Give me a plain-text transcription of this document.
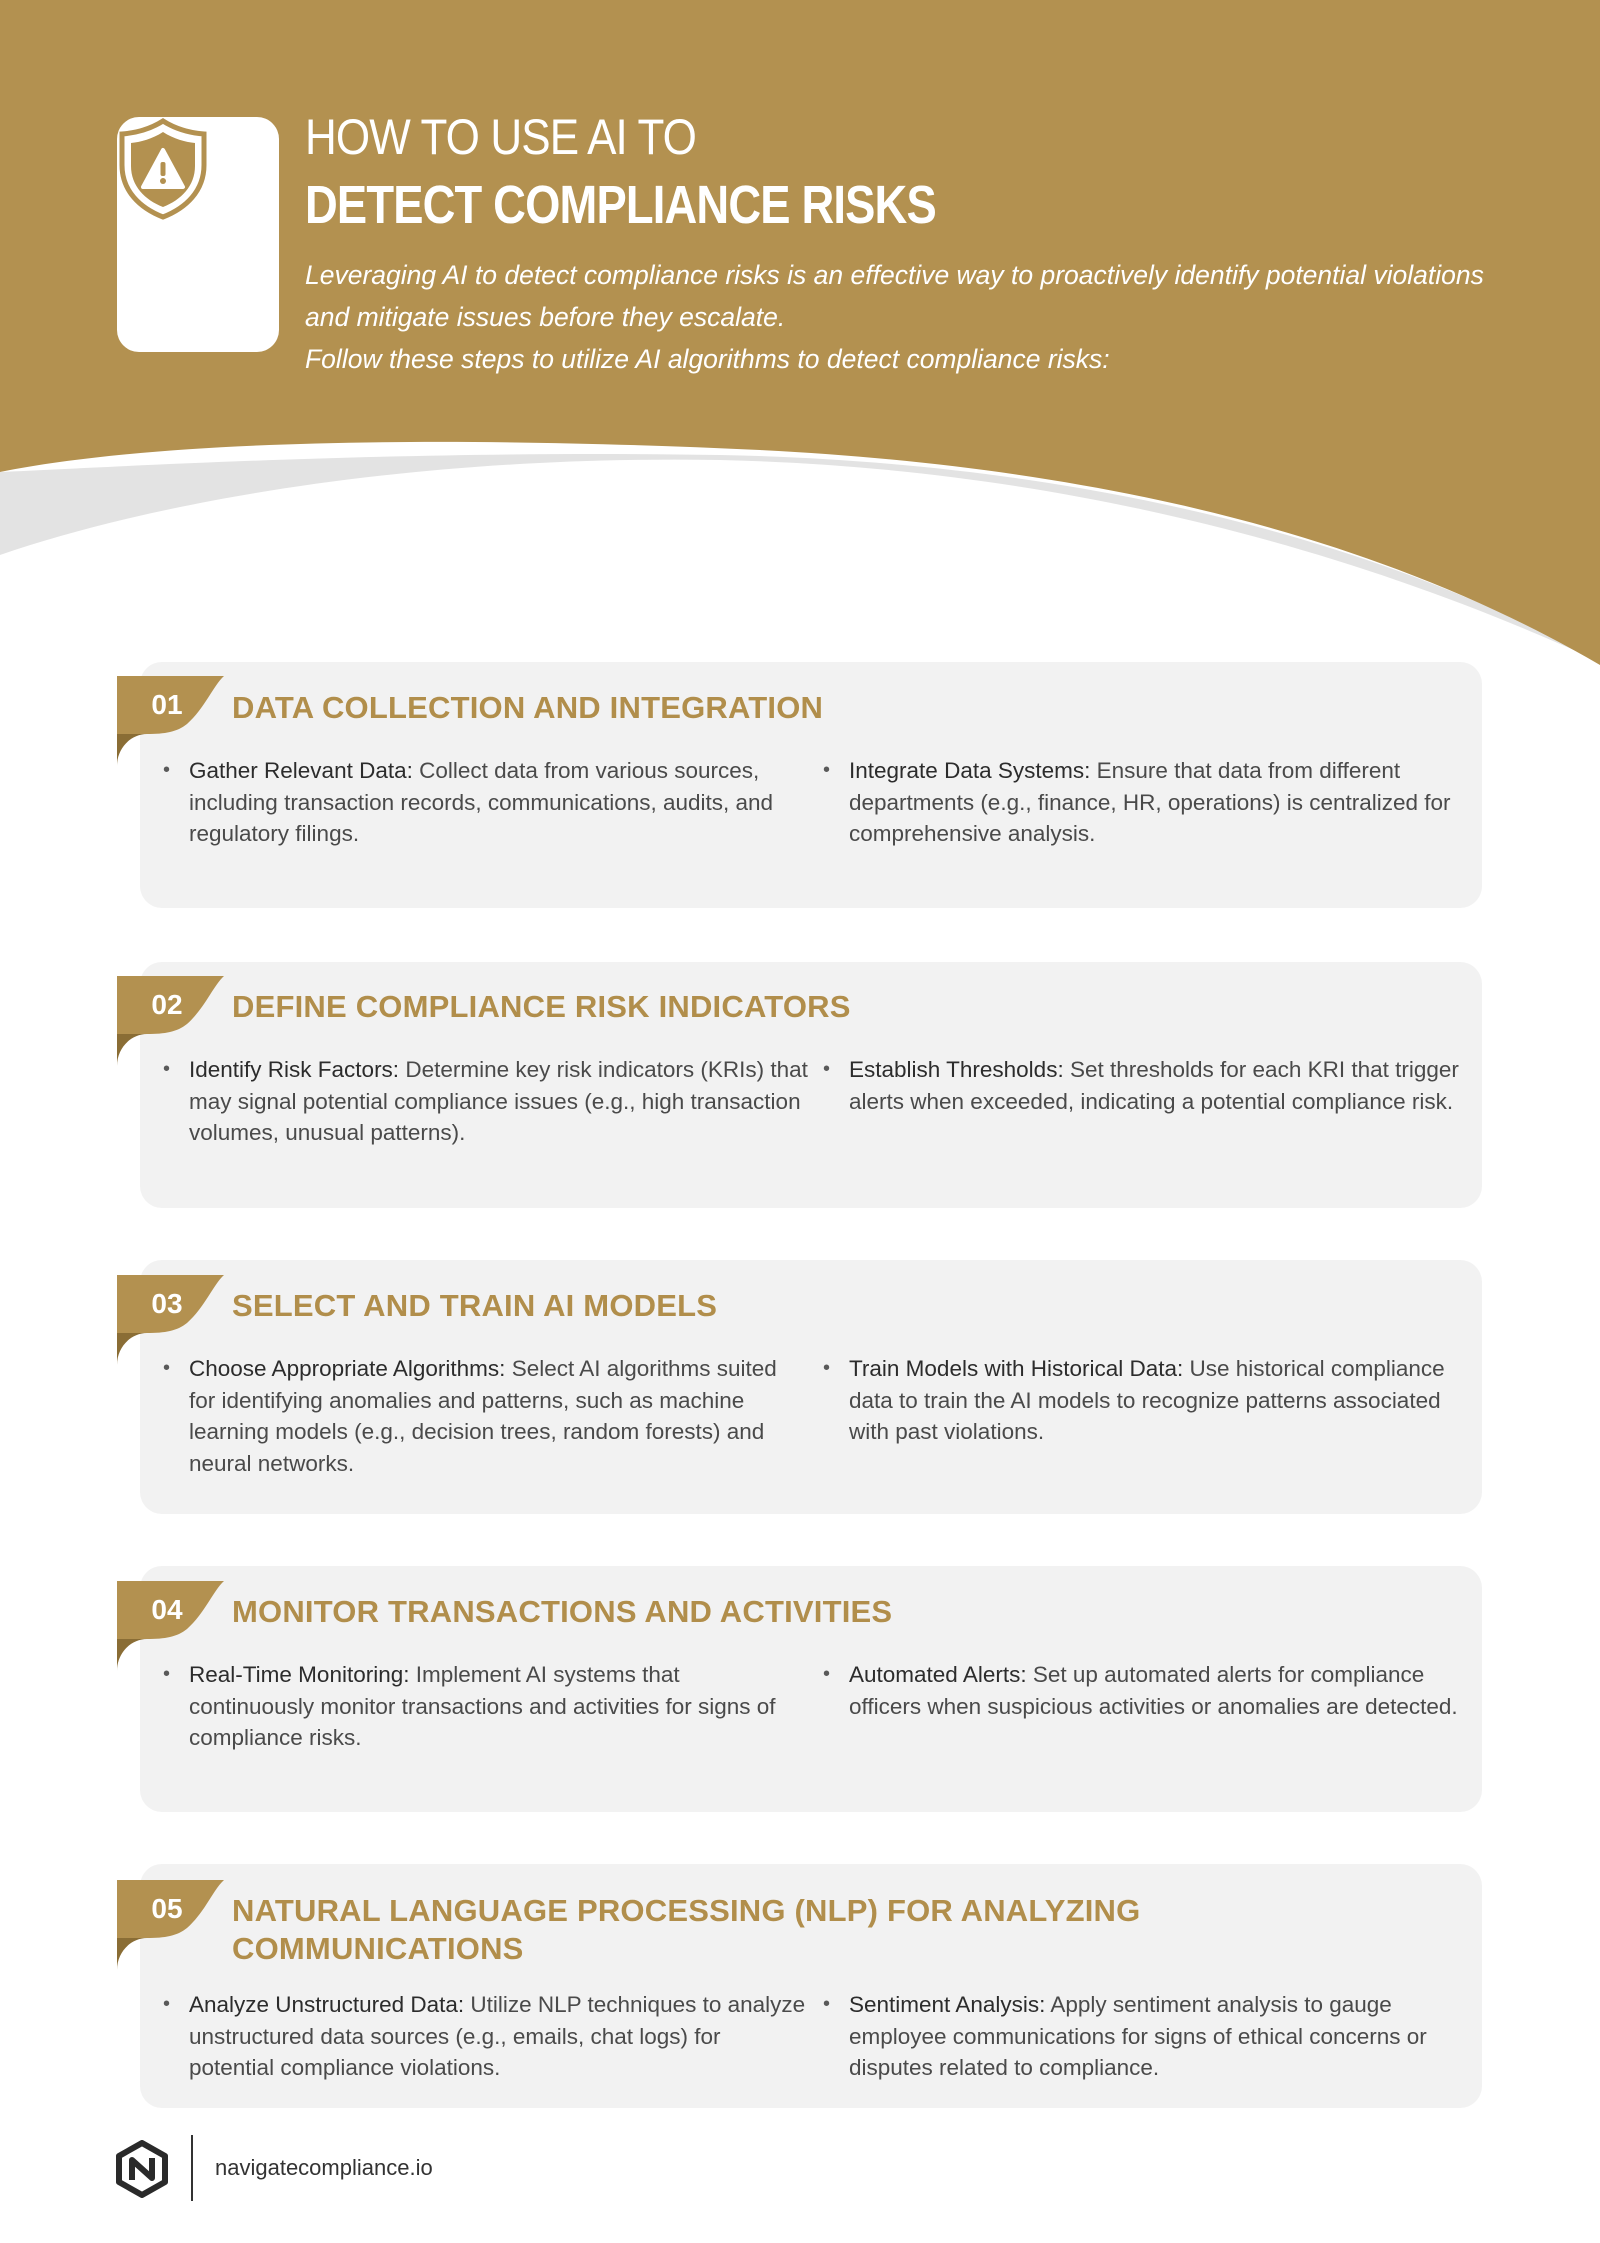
HOW TO USE AI TO
DETECT COMPLIANCE RISKS

Leveraging AI to detect compliance risks is an effective way to proactively identify potential violations

and mitigate issues before they escalate.

Follow these steps to utilize AI algorithms to detect compliance risks:

01	DATA COLLECTION AND INTEGRATION
• Gather Relevant Data: Collect data from various sources, including transaction records, communications, audits, and regulatory filings.
• Integrate Data Systems: Ensure that data from different departments (e.g., finance, HR, operations) is centralized for comprehensive analysis.
02	DEFINE COMPLIANCE RISK INDICATORS
• Identify Risk Factors: Determine key risk indicators (KRIs) that may signal potential compliance issues (e.g., high transaction volumes, unusual patterns).
• Establish Thresholds: Set thresholds for each KRI that trigger alerts when exceeded, indicating a potential compliance risk.
03	SELECT AND TRAIN AI MODELS
• Choose Appropriate Algorithms: Select AI algorithms suited for identifying anomalies and patterns, such as machine learning models (e.g., decision trees, random forests) and neural networks.
• Train Models with Historical Data: Use historical compliance data to train the AI models to recognize patterns associated with past violations.
04	MONITOR TRANSACTIONS AND ACTIVITIES
• Real-Time Monitoring: Implement AI systems that continuously monitor transactions and activities for signs of compliance risks.
• Automated Alerts: Set up automated alerts for compliance officers when suspicious activities or anomalies are detected.
05	NATURAL LANGUAGE PROCESSING (NLP) FOR ANALYZING
COMMUNICATIONS
• Analyze Unstructured Data: Utilize NLP techniques to analyze unstructured data sources (e.g., emails, chat logs) for potential compliance violations.
• Sentiment Analysis: Apply sentiment analysis to gauge employee communications for signs of ethical concerns or disputes related to compliance.
navigatecompliance.io
